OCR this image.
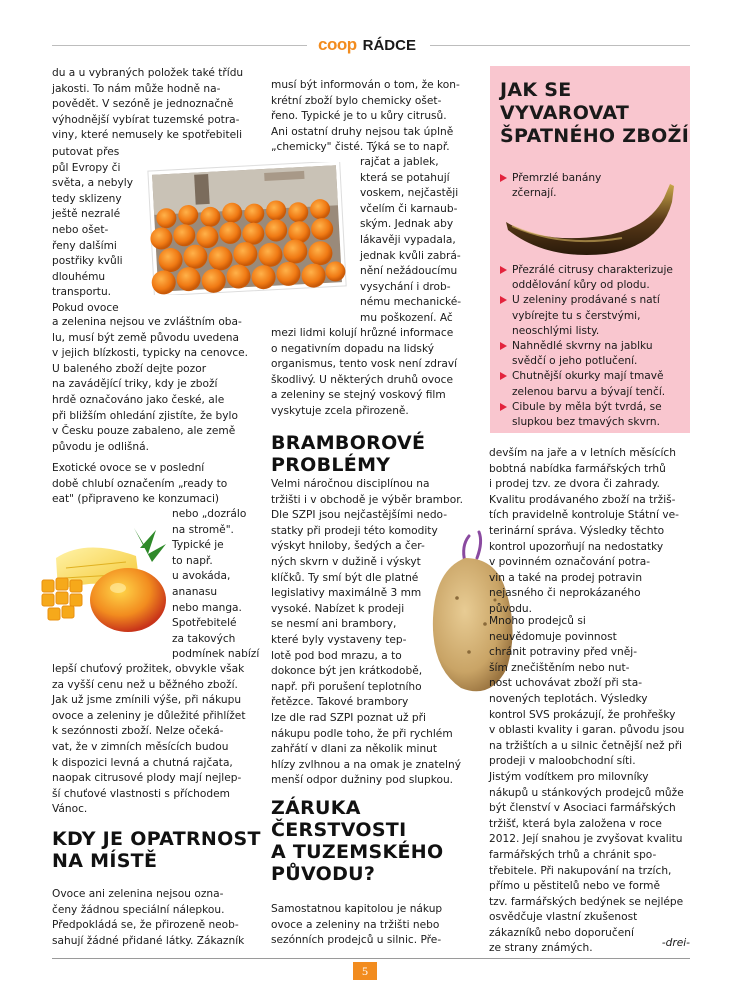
coop RÁDCE
du a u vybraných položek také třídu
jakosti. To nám může hodně na-
povědět. V sezóně je jednoznačně
výhodnější vybírat tuzemské potra-
viny, které nemusely ke spotřebiteli
putovat přes
půl Evropy či
světa, a nebyly
tedy sklizeny
ještě nezralé
nebo ošet-
řeny dalšími
postřiky kvůli
dlouhému
transportu.
Pokud ovoce
a zelenina nejsou ve zvláštním oba-
lu, musí být země původu uvedena
v jejich blízkosti, typicky na cenovce.
U baleného zboží dejte pozor
na zavádějící triky, kdy je zboží
hrdě označováno jako české, ale
při bližším ohledání zjistíte, že bylo
v Česku pouze zabaleno, ale země
původu je odlišná.
Exotické ovoce se v poslední
době chlubí označením „ready to
eat" (připraveno ke konzumaci)
nebo „dozrálo
na stromě".
Typické je
to např.
u avokáda,
ananasu
nebo manga.
Spotřebitelé
za takových
podmínek nabízí
lepší chuťový prožitek, obvykle však
za vyšší cenu než u běžného zboží.
Jak už jsme zmínili výše, při nákupu
ovoce a zeleniny je důležité přihlížet
k sezónnosti zboží. Nelze očeká-
vat, že v zimních měsících budou
k dispozici levná a chutná rajčata,
naopak citrusové plody mají nejlep-
ší chuťové vlastnosti s příchodem
Vánoc.
KDY JE OPATRNOST
NA MÍSTĚ
Ovoce ani zelenina nejsou ozna-
čeny žádnou speciální nálepkou.
Předpokládá se, že přirozeně neob-
sahují žádné přidané látky. Zákazník
musí být informován o tom, že kon-
krétní zboží bylo chemicky ošet-
řeno. Typické je to u kůry citrusů.
Ani ostatní druhy nejsou tak úplně
„chemicky" čisté. Týká se to např.
rajčat a jablek,
která se potahují
voskem, nejčastěji
včelím či karnaub-
ským. Jednak aby
lákavěji vypadala,
jednak kvůli zabrá-
nění nežádoucímu
vysychání i drob-
nému mechanické-
mu poškození. Ač
mezi lidmi kolují hrůzné informace
o negativním dopadu na lidský
organismus, tento vosk není zdraví
škodlivý. U některých druhů ovoce
a zeleniny se stejný voskový film
vyskytuje zcela přirozeně.
BRAMBOROVÉ
PROBLÉMY
Velmi náročnou disciplínou na
tržišti i v obchodě je výběr brambor.
Dle SZPI jsou nejčastějšími nedo-
statky při prodeji této komodity
výskyt hniloby, šedých a čer-
ných skvrn v dužině i výskyt
klíčků. Ty smí být dle platné
legislativy maximálně 3 mm
vysoké. Nabízet k prodeji
se nesmí ani brambory,
které byly vystaveny tep-
lotě pod bod mrazu, a to
dokonce být jen krátkodobě,
např. při porušení teplotního
řetězce. Takové brambory
lze dle rad SZPI poznat už při
nákupu podle toho, že při rychlém
zahřátí v dlani za několik minut
hlízy zvlhnou a na omak je znatelný
menší odpor dužniny pod slupkou.
ZÁRUKA
ČERSTVOSTI
A TUZEMSKÉHO
PŮVODU?
Samostatnou kapitolou je nákup
ovoce a zeleniny na tržišti nebo
sezónních prodejců u silnic. Pře-
JAK SE
VYVAROVAT
ŠPATNÉHO ZBOŽÍ
Přemrzlé banány
zčernají.
Přezrálé citrusy charakterizuje
oddělování kůry od plodu.
U zeleniny prodávané s natí
vybírejte tu s čerstvými,
neoschlými listy.
Nahnědlé skvrny na jablku
svědčí o jeho potlučení.
Chutnější okurky mají tmavě
zelenou barvu a bývají tenčí.
Cibule by měla být tvrdá, se
slupkou bez tmavých skvrn.
devším na jaře a v letních měsících
bobtná nabídka farmářských trhů
i prodej tzv. ze dvora či zahrady.
Kvalitu prodávaného zboží na tržiš-
tích pravidelně kontroluje Státní ve-
terinární správa. Výsledky těchto
kontrol upozorňují na nedostatky
v povinném označování potra-
vin a také na prodej potravin
nejasného či neprokázaného
původu.
Mnoho prodejců si
neuvědomuje povinnost
chránit potraviny před vněj-
ším znečištěním nebo nut-
nost uchovávat zboží při sta-
novených teplotách. Výsledky
kontrol SVS prokázují, že prohřešky
v oblasti kvality i garan. původu jsou
na tržištích a u silnic četnější než při
prodeji v maloobchodní síti.
Jistým vodítkem pro milovníky
nákupů u stánkových prodejců může
být členství v Asociaci farmářských
tržišť, která byla založena v roce
2012. Její snahou je zvyšovat kvalitu
farmářských trhů a chránit spo-
třebitele. Při nakupování na trzích,
přímo u pěstitelů nebo ve formě
tzv. farmářských bedýnek se nejlépe
osvědčuje vlastní zkušenost
zákazníků nebo doporučení
ze strany známých.	-drei-
5
